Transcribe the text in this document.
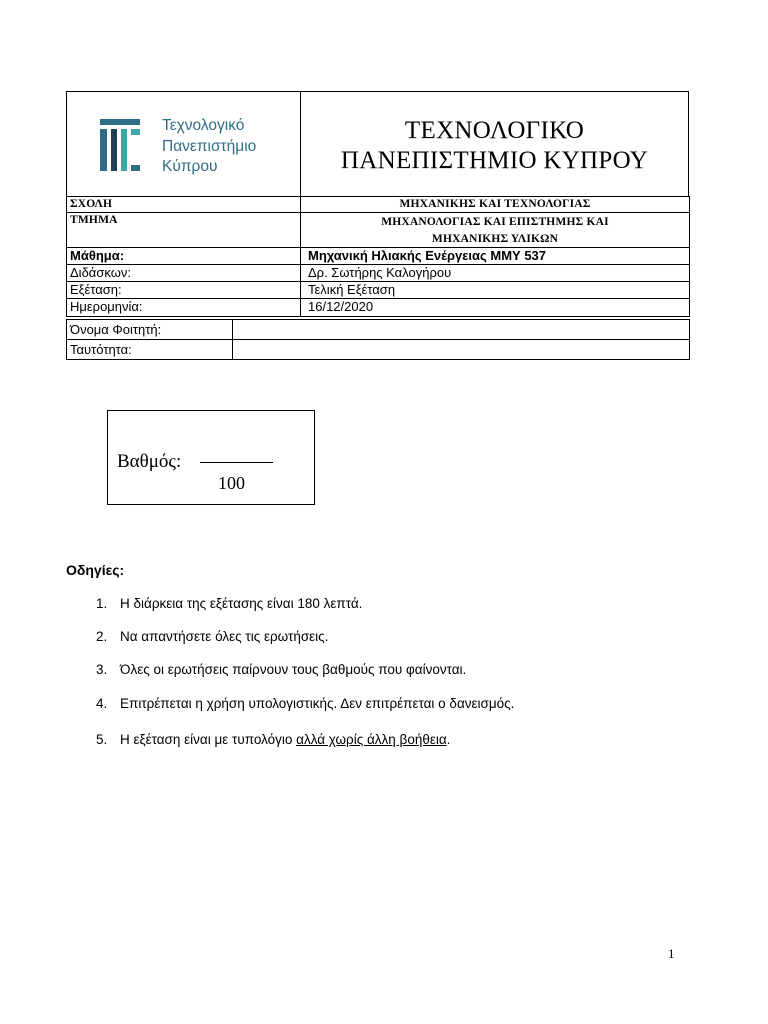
Τεχνολογικό
Πανεπιστήμιο
Κύπρου
ΤΕΧΝΟΛΟΓΙΚΟ
ΠΑΝΕΠΙΣΤΗΜΙΟ ΚΥΠΡΟΥ
ΣΧΟΛΗ	ΜΗΧΑΝΙΚΗΣ ΚΑΙ ΤΕΧΝΟΛΟΓΙΑΣ
ΤΜΗΜΑ	ΜΗΧΑΝΟΛΟΓΙΑΣ ΚΑΙ ΕΠΙΣΤΗΜΗΣ ΚΑΙ
ΜΗΧΑΝΙΚΗΣ ΥΛΙΚΩΝ
Μάθημα:	Μηχανική Ηλιακής Ενέργειας ΜΜΥ 537
Διδάσκων:	Δρ. Σωτήρης Καλογήρου
Εξέταση:	Τελική Εξέταση
Ημερομηνία:	16/12/2020
Όνομα Φοιτητή:
Ταυτότητα:
Βαθμός:
100
Οδηγίες:
1. Η διάρκεια της εξέτασης είναι 180 λεπτά.
2. Να απαντήσετε όλες τις ερωτήσεις.
3. Όλες οι ερωτήσεις παίρνουν τους βαθμούς που φαίνονται.
4. Επιτρέπεται η χρήση υπολογιστικής. Δεν επιτρέπεται ο δανεισμός.
5. Η εξέταση είναι με τυπολόγιο αλλά χωρίς άλλη βοήθεια.
1
